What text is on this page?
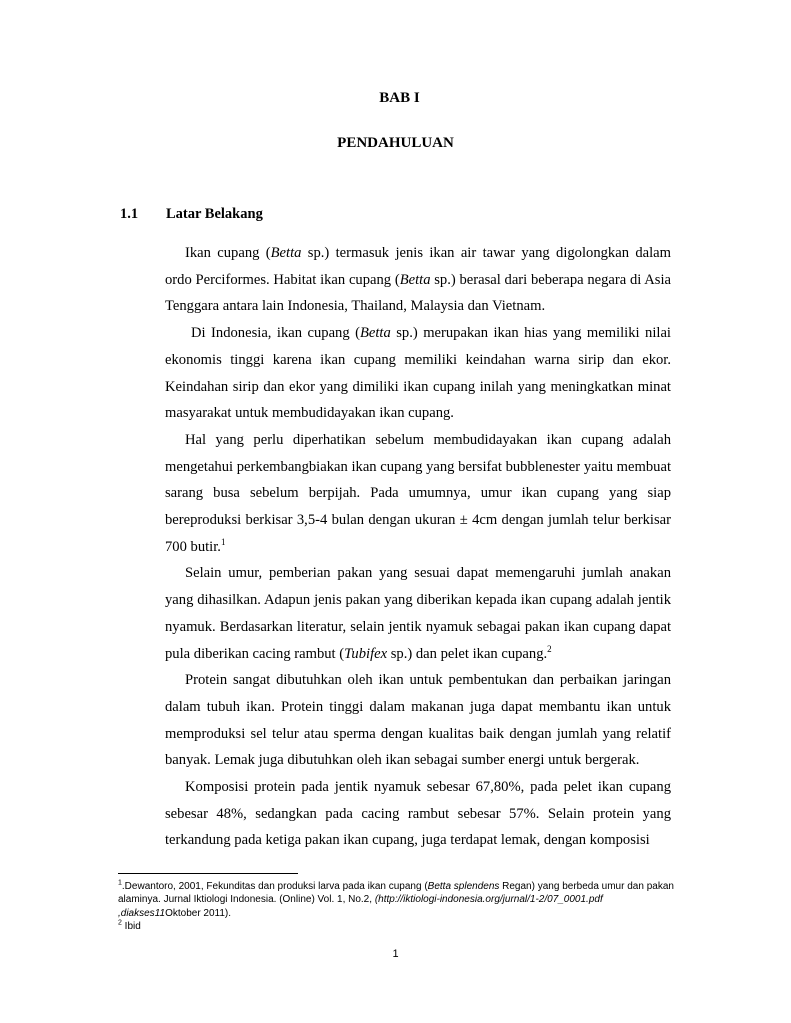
BAB I
PENDAHULUAN
1.1 Latar Belakang

Ikan cupang (Betta sp.) termasuk jenis ikan air tawar yang digolongkan dalam ordo Perciformes. Habitat ikan cupang (Betta sp.) berasal dari beberapa negara di Asia Tenggara antara lain Indonesia, Thailand, Malaysia dan Vietnam.

Di Indonesia, ikan cupang (Betta sp.) merupakan ikan hias yang memiliki nilai ekonomis tinggi karena ikan cupang memiliki keindahan warna sirip dan ekor. Keindahan sirip dan ekor yang dimiliki ikan cupang inilah yang meningkatkan minat masyarakat untuk membudidayakan ikan cupang.

Hal yang perlu diperhatikan sebelum membudidayakan ikan cupang adalah mengetahui perkembangbiakan ikan cupang yang bersifat bubblenester yaitu membuat sarang busa sebelum berpijah. Pada umumnya, umur ikan cupang yang siap bereproduksi berkisar 3,5-4 bulan dengan ukuran ± 4cm dengan jumlah telur berkisar 700 butir.$^1$

Selain umur, pemberian pakan yang sesuai dapat memengaruhi jumlah anakan yang dihasilkan. Adapun jenis pakan yang diberikan kepada ikan cupang adalah jentik nyamuk. Berdasarkan literatur, selain jentik nyamuk sebagai pakan ikan cupang dapat pula diberikan cacing rambut (Tubifex sp.) dan pelet ikan cupang.$^2$

Protein sangat dibutuhkan oleh ikan untuk pembentukan dan perbaikan jaringan dalam tubuh ikan. Protein tinggi dalam makanan juga dapat membantu ikan untuk memproduksi sel telur atau sperma dengan kualitas baik dengan jumlah yang relatif banyak. Lemak juga dibutuhkan oleh ikan sebagai sumber energi untuk bergerak.

Komposisi protein pada jentik nyamuk sebesar 67,80%, pada pelet ikan cupang sebesar 48%, sedangkan pada cacing rambut sebesar 57%. Selain protein yang terkandung pada ketiga pakan ikan cupang, juga terdapat lemak, dengan komposisi

$^1$.Dewantoro, 2001, Fekunditas dan produksi larva pada ikan cupang (Betta splendens Regan) yang berbeda umur dan pakan alaminya. Jurnal Iktiologi Indonesia. (Online) Vol. 1, No.2, (http://iktiologi-indonesia.org/jurnal/1-2/07_0001.pdf ,diakses11Oktober 2011).

$^2$ Ibid

1
